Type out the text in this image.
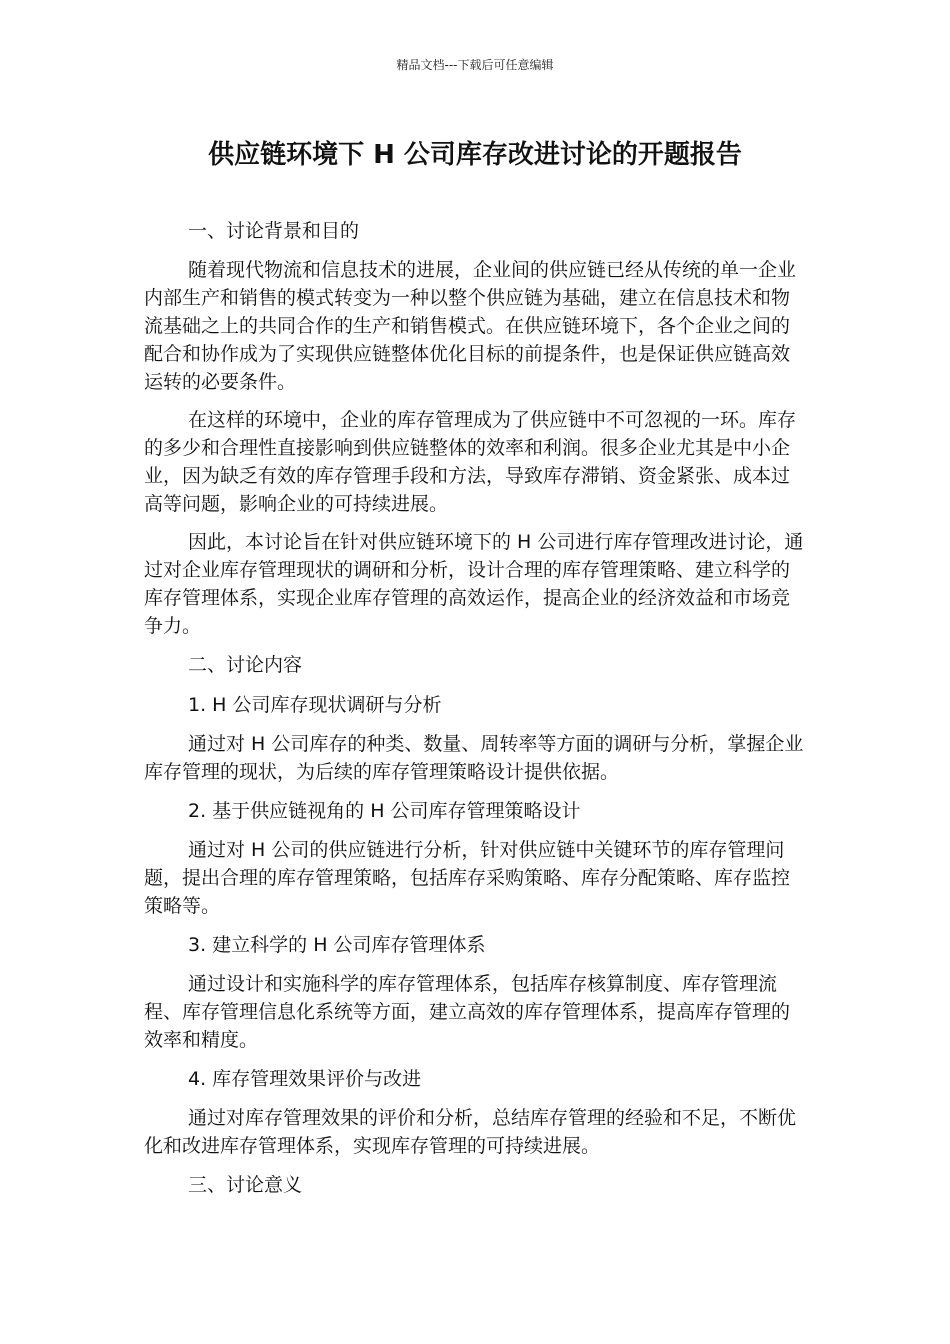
精品文档---下载后可任意编辑
供应链环境下 H 公司库存改进讨论的开题报告

一、讨论背景和目的

随着现代物流和信息技术的进展，企业间的供应链已经从传统的单一企业内部生产和销售的模式转变为一种以整个供应链为基础，建立在信息技术和物流基础之上的共同合作的生产和销售模式。在供应链环境下，各个企业之间的配合和协作成为了实现供应链整体优化目标的前提条件，也是保证供应链高效运转的必要条件。

在这样的环境中，企业的库存管理成为了供应链中不可忽视的一环。库存的多少和合理性直接影响到供应链整体的效率和利润。很多企业尤其是中小企业，因为缺乏有效的库存管理手段和方法，导致库存滞销、资金紧张、成本过高等问题，影响企业的可持续进展。

因此，本讨论旨在针对供应链环境下的 H 公司进行库存管理改进讨论，通过对企业库存管理现状的调研和分析，设计合理的库存管理策略、建立科学的库存管理体系，实现企业库存管理的高效运作，提高企业的经济效益和市场竞争力。

二、讨论内容

1. H 公司库存现状调研与分析

通过对 H 公司库存的种类、数量、周转率等方面的调研与分析，掌握企业库存管理的现状，为后续的库存管理策略设计提供依据。

2. 基于供应链视角的 H 公司库存管理策略设计

通过对 H 公司的供应链进行分析，针对供应链中关键环节的库存管理问题，提出合理的库存管理策略，包括库存采购策略、库存分配策略、库存监控策略等。

3. 建立科学的 H 公司库存管理体系

通过设计和实施科学的库存管理体系，包括库存核算制度、库存管理流程、库存管理信息化系统等方面，建立高效的库存管理体系，提高库存管理的效率和精度。

4. 库存管理效果评价与改进

通过对库存管理效果的评价和分析，总结库存管理的经验和不足，不断优化和改进库存管理体系，实现库存管理的可持续进展。

三、讨论意义
